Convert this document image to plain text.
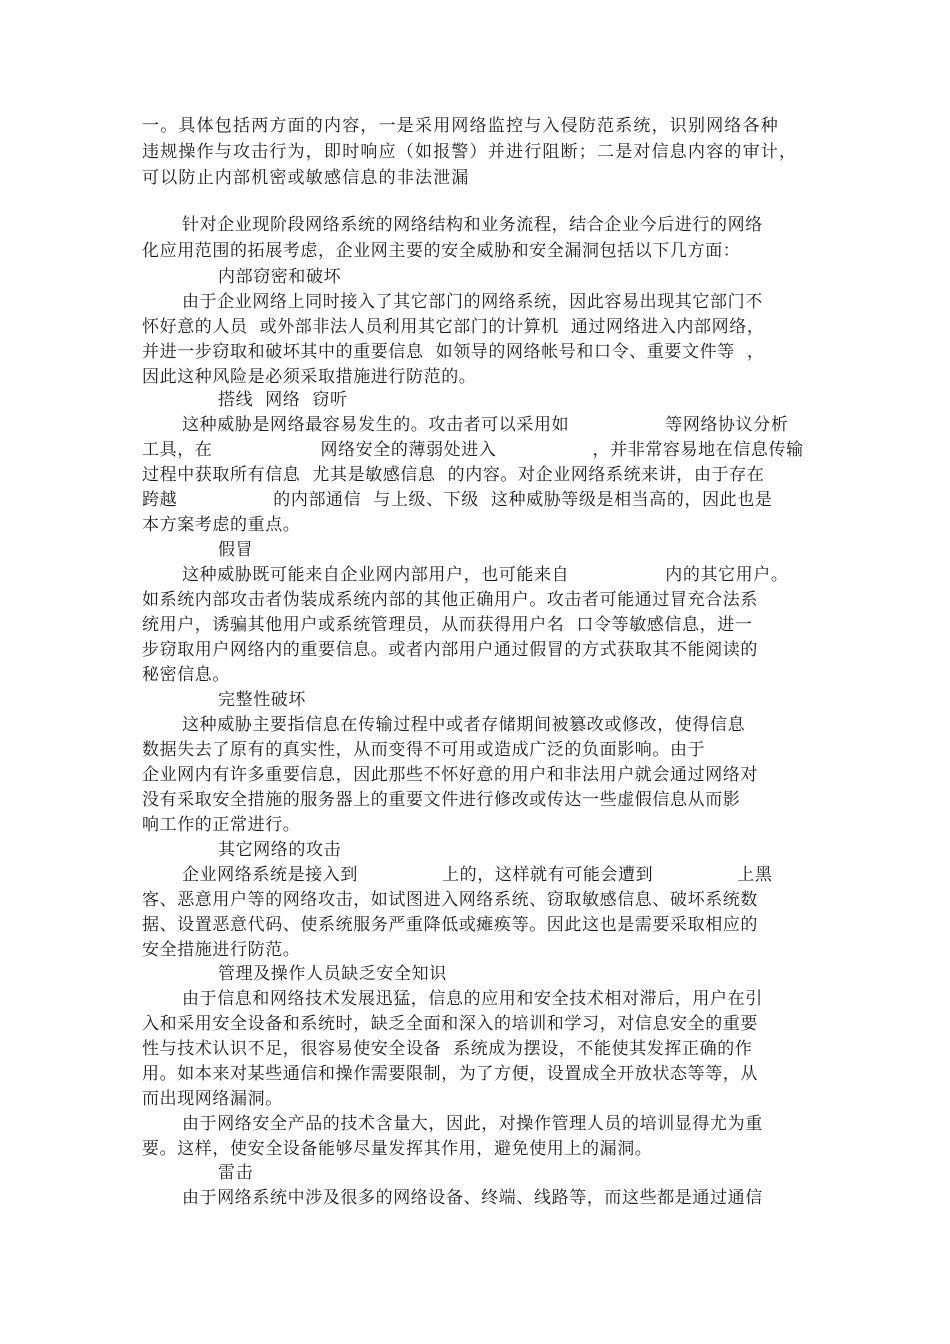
一。具体包括两方面的内容，一是采用网络监控与入侵防范系统，识别网络各种
违规操作与攻击行为，即时响应（如报警）并进行阻断；二是对信息内容的审计，
可以防止内部机密或敏感信息的非法泄漏
针对企业现阶段网络系统的网络结构和业务流程，结合企业今后进行的网络
化应用范围的拓展考虑，企业网主要的安全威胁和安全漏洞包括以下几方面：
内部窃密和破坏
由于企业网络上同时接入了其它部门的网络系统，因此容易出现其它部门不
怀好意的人员  或外部非法人员利用其它部门的计算机  通过网络进入内部网络，
并进一步窃取和破坏其中的重要信息  如领导的网络帐号和口令、重要文件等  ，
因此这种风险是必须采取措施进行防范的。
搭线  网络  窃听
这种威胁是网络最容易发生的。攻击者可以采用如                等网络协议分析
工具，在                  网络安全的薄弱处进入                ，并非常容易地在信息传输
过程中获取所有信息  尤其是敏感信息  的内容。对企业网络系统来讲，由于存在
跨越                的内部通信  与上级、下级  这种威胁等级是相当高的，因此也是
本方案考虑的重点。
假冒
这种威胁既可能来自企业网内部用户，也可能来自                内的其它用户。
如系统内部攻击者伪装成系统内部的其他正确用户。攻击者可能通过冒充合法系
统用户，诱骗其他用户或系统管理员，从而获得用户名  口令等敏感信息，进一
步窃取用户网络内的重要信息。或者内部用户通过假冒的方式获取其不能阅读的
秘密信息。
完整性破坏
这种威胁主要指信息在传输过程中或者存储期间被篡改或修改，使得信息
数据失去了原有的真实性，从而变得不可用或造成广泛的负面影响。由于
企业网内有许多重要信息，因此那些不怀好意的用户和非法用户就会通过网络对
没有采取安全措施的服务器上的重要文件进行修改或传达一些虚假信息从而影
响工作的正常进行。
其它网络的攻击
企业网络系统是接入到              上的，这样就有可能会遭到              上黑
客、恶意用户等的网络攻击，如试图进入网络系统、窃取敏感信息、破坏系统数
据、设置恶意代码、使系统服务严重降低或瘫痪等。因此这也是需要采取相应的
安全措施进行防范。
管理及操作人员缺乏安全知识
由于信息和网络技术发展迅猛，信息的应用和安全技术相对滞后，用户在引
入和采用安全设备和系统时，缺乏全面和深入的培训和学习，对信息安全的重要
性与技术认识不足，很容易使安全设备  系统成为摆设，不能使其发挥正确的作
用。如本来对某些通信和操作需要限制，为了方便，设置成全开放状态等等，从
而出现网络漏洞。
由于网络安全产品的技术含量大，因此，对操作管理人员的培训显得尤为重
要。这样，使安全设备能够尽量发挥其作用，避免使用上的漏洞。
雷击
由于网络系统中涉及很多的网络设备、终端、线路等，而这些都是通过通信
